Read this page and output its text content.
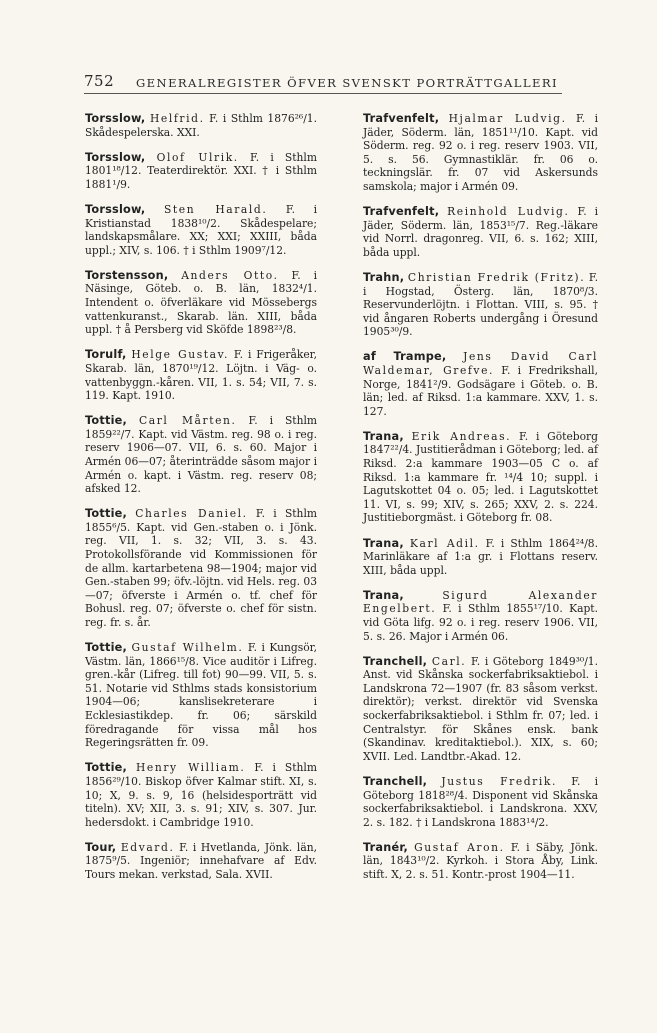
752 GENERALREGISTER ÖFVER SVENSKT PORTRÄTTGALLERI
Torsslow, Helfrid. F. i Sthlm 1876²⁶/1. Skådespelerska. XXI.
Torsslow, Olof Ulrik. F. i Sthlm 1801¹⁸/12. Teaterdirektör. XXI. † i Sthlm 1881¹/9.
Torsslow, Sten Harald. F. i Kristianstad 1838¹⁰/2. Skådespelare; landskapsmålare. XX; XXI; XXIII, båda uppl.; XIV, s. 106. † i Sthlm 1909⁷/12.
Torstensson, Anders Otto. F. i Näsinge, Göteb. o. B. län, 1832⁴/1. Intendent o. öfverläkare vid Mössebergs vattenkuranst., Skarab. län. XIII, båda uppl. † å Persberg vid Sköfde 1898²³/8.
Torulf, Helge Gustav. F. i Frigeråker, Skarab. län, 1870¹⁹/12. Löjtn. i Väg- o. vattenbyggn.-kåren. VII, 1. s. 54; VII, 7. s. 119. Kapt. 1910.
Tottie, Carl Mårten. F. i Sthlm 1859²²/7. Kapt. vid Västm. reg. 98 o. i reg. reserv 1906—07. VII, 6. s. 60. Major i Armén 06—07; återinträdde såsom major i Armén o. kapt. i Västm. reg. reserv 08; afsked 12.
Tottie, Charles Daniel. F. i Sthlm 1855⁶/5. Kapt. vid Gen.-staben o. i Jönk. reg. VII, 1. s. 32; VII, 3. s. 43. Protokollsförande vid Kommissionen för de allm. kartarbetena 98—1904; major vid Gen.-staben 99; öfv.-löjtn. vid Hels. reg. 03—07; öfverste i Armén o. tf. chef för Bohusl. reg. 07; öfverste o. chef för sistn. reg. fr. s. år.
Tottie, Gustaf Wilhelm. F. i Kungsör, Västm. län, 1866¹⁵/8. Vice auditör i Lifreg. gren.-kår (Lifreg. till fot) 90—99. VII, 5. s. 51. Notarie vid Sthlms stads konsistorium 1904—06; kanslisekreterare i Ecklesiastikdep. fr. 06; särskild föredragande för vissa mål hos Regeringsrätten fr. 09.
Tottie, Henry William. F. i Sthlm 1856²⁹/10. Biskop öfver Kalmar stift. XI, s. 10; X, 9. s. 9, 16 (helsidesporträtt vid titeln). XV; XII, 3. s. 91; XIV, s. 307. Jur. hedersdokt. i Cambridge 1910.
Tour, Edvard. F. i Hvetlanda, Jönk. län, 1875⁹/5. Ingeniör; innehafvare af Edv. Tours mekan. verkstad, Sala. XVII.
Trafvenfelt, Hjalmar Ludvig. F. i Jäder, Söderm. län, 1851¹¹/10. Kapt. vid Söderm. reg. 92 o. i reg. reserv 1903. VII, 5. s. 56. Gymnastiklär. fr. 06 o. teckningslär. fr. 07 vid Askersunds samskola; major i Armén 09.
Trafvenfelt, Reinhold Ludvig. F. i Jäder, Söderm. län, 1853¹⁵/7. Reg.-läkare vid Norrl. dragonreg. VII, 6. s. 162; XIII, båda uppl.
Trahn, Christian Fredrik (Fritz). F. i Hogstad, Österg. län, 1870⁸/3. Reservunderlöjtn. i Flottan. VIII, s. 95. † vid ångaren Roberts undergång i Öresund 1905³⁰/9.
af Trampe, Jens David Carl Waldemar, Grefve. F. i Fredrikshall, Norge, 1841²/9. Godsägare i Göteb. o. B. län; led. af Riksd. 1:a kammare. XXV, 1. s. 127.
Trana, Erik Andreas. F. i Göteborg 1847²²/4. Justitierådman i Göteborg; led. af Riksd. 2:a kammare 1903—05 C o. af Riksd. 1:a kammare fr. ¹⁴/4 10; suppl. i Lagutskottet 04 o. 05; led. i Lagutskottet 11. VI, s. 99; XIV, s. 265; XXV, 2. s. 224. Justitieborgmäst. i Göteborg fr. 08.
Trana, Karl Adil. F. i Sthlm 1864²⁴/8. Marinläkare af 1:a gr. i Flottans reserv. XIII, båda uppl.
Trana,	Sigurd Alexander Engelbert. F. i Sthlm 1855¹⁷/10. Kapt. vid Göta lifg. 92 o. i reg. reserv 1906. VII, 5. s. 26. Major i Armén 06.
Tranchell, Carl. F. i Göteborg 1849³⁰/1. Anst. vid Skånska sockerfabriksaktiebol. i Landskrona 72—1907 (fr. 83 såsom verkst. direktör); verkst. direktör vid Svenska sockerfabriksaktiebol. i Sthlm fr. 07; led. i Centralstyr. för Skånes ensk. bank (Skandinav. kreditaktiebol.). XIX, s. 60; XVII. Led. Landtbr.-Akad. 12.
Tranchell, Justus Fredrik. F. i Göteborg 1818²⁸/4. Disponent vid Skånska sockerfabriksaktiebol. i Landskrona. XXV, 2. s. 182. † i Landskrona 1883¹⁴/2.
Tranér, Gustaf Aron. F. i Säby, Jönk. län, 1843¹⁰/2. Kyrkoh. i Stora Åby, Link. stift. X, 2. s. 51. Kontr.-prost 1904—11.
